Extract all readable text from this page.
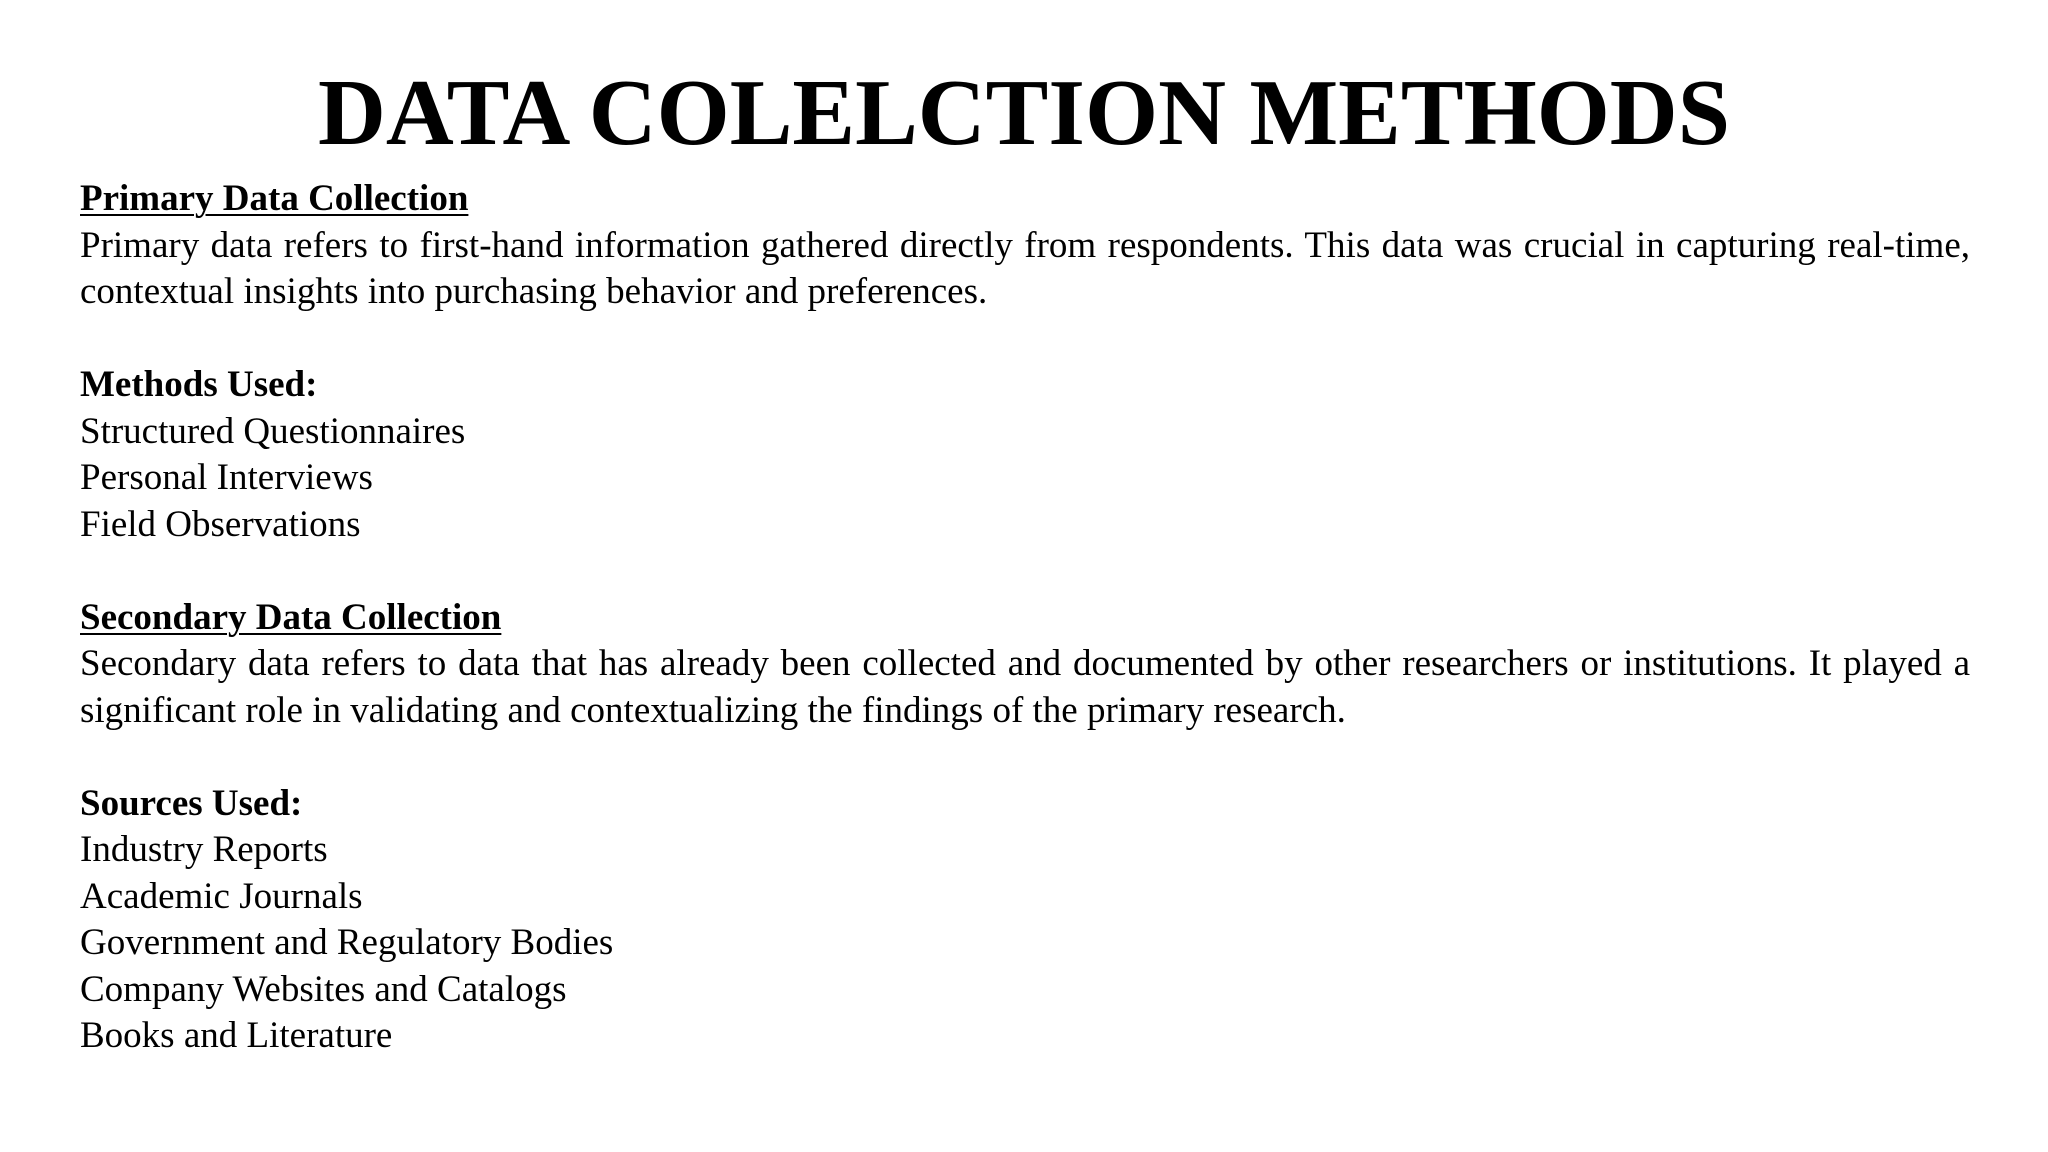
DATA COLELCTION METHODS

Primary Data Collection

Primary data refers to first-hand information gathered directly from respondents. This data was crucial in capturing real-time, contextual insights into purchasing behavior and preferences.

Methods Used:

Structured Questionnaires
Personal Interviews
Field Observations

Secondary Data Collection

Secondary data refers to data that has already been collected and documented by other researchers or institutions. It played a significant role in validating and contextualizing the findings of the primary research.

Sources Used:

Industry Reports
Academic Journals
Government and Regulatory Bodies
Company Websites and Catalogs
Books and Literature
